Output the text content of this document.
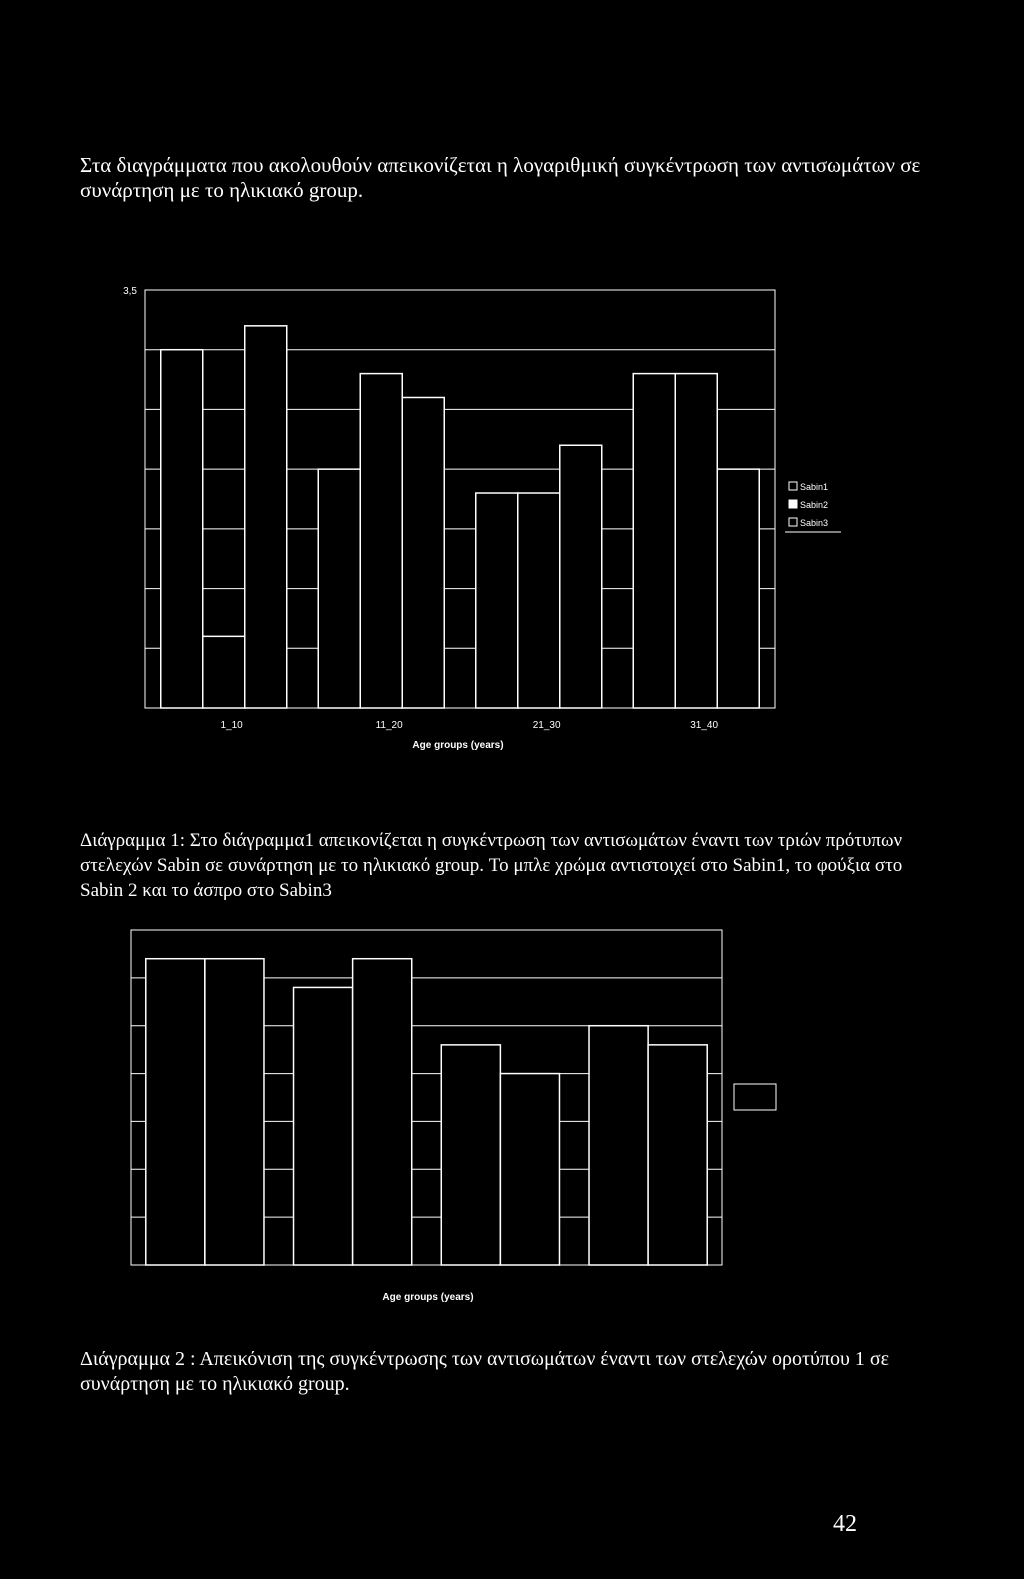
Στα διαγράμματα που ακολουθούν απεικονίζεται η λογαριθμική συγκέντρωση των αντισωμάτων σε συνάρτηση με το ηλικιακό group.

1_10	11_20	21_30	31_40
3,5
Age groups (years)
Sabin1
Sabin2
Sabin3
Age groups (years)

Διάγραμμα 1: Στο διάγραμμα1 απεικονίζεται η συγκέντρωση των αντισωμάτων έναντι των τριών πρότυπων στελεχών Sabin σε συνάρτηση με το ηλικιακό group. Το μπλε χρώμα αντιστοιχεί στο Sabin1, το φούξια στο Sabin 2 και το άσπρο στο Sabin3

Διάγραμμα 2 : Απεικόνιση της συγκέντρωσης των αντισωμάτων έναντι των στελεχών ορoτύπου 1 σε συνάρτηση με το ηλικιακό group.

42
